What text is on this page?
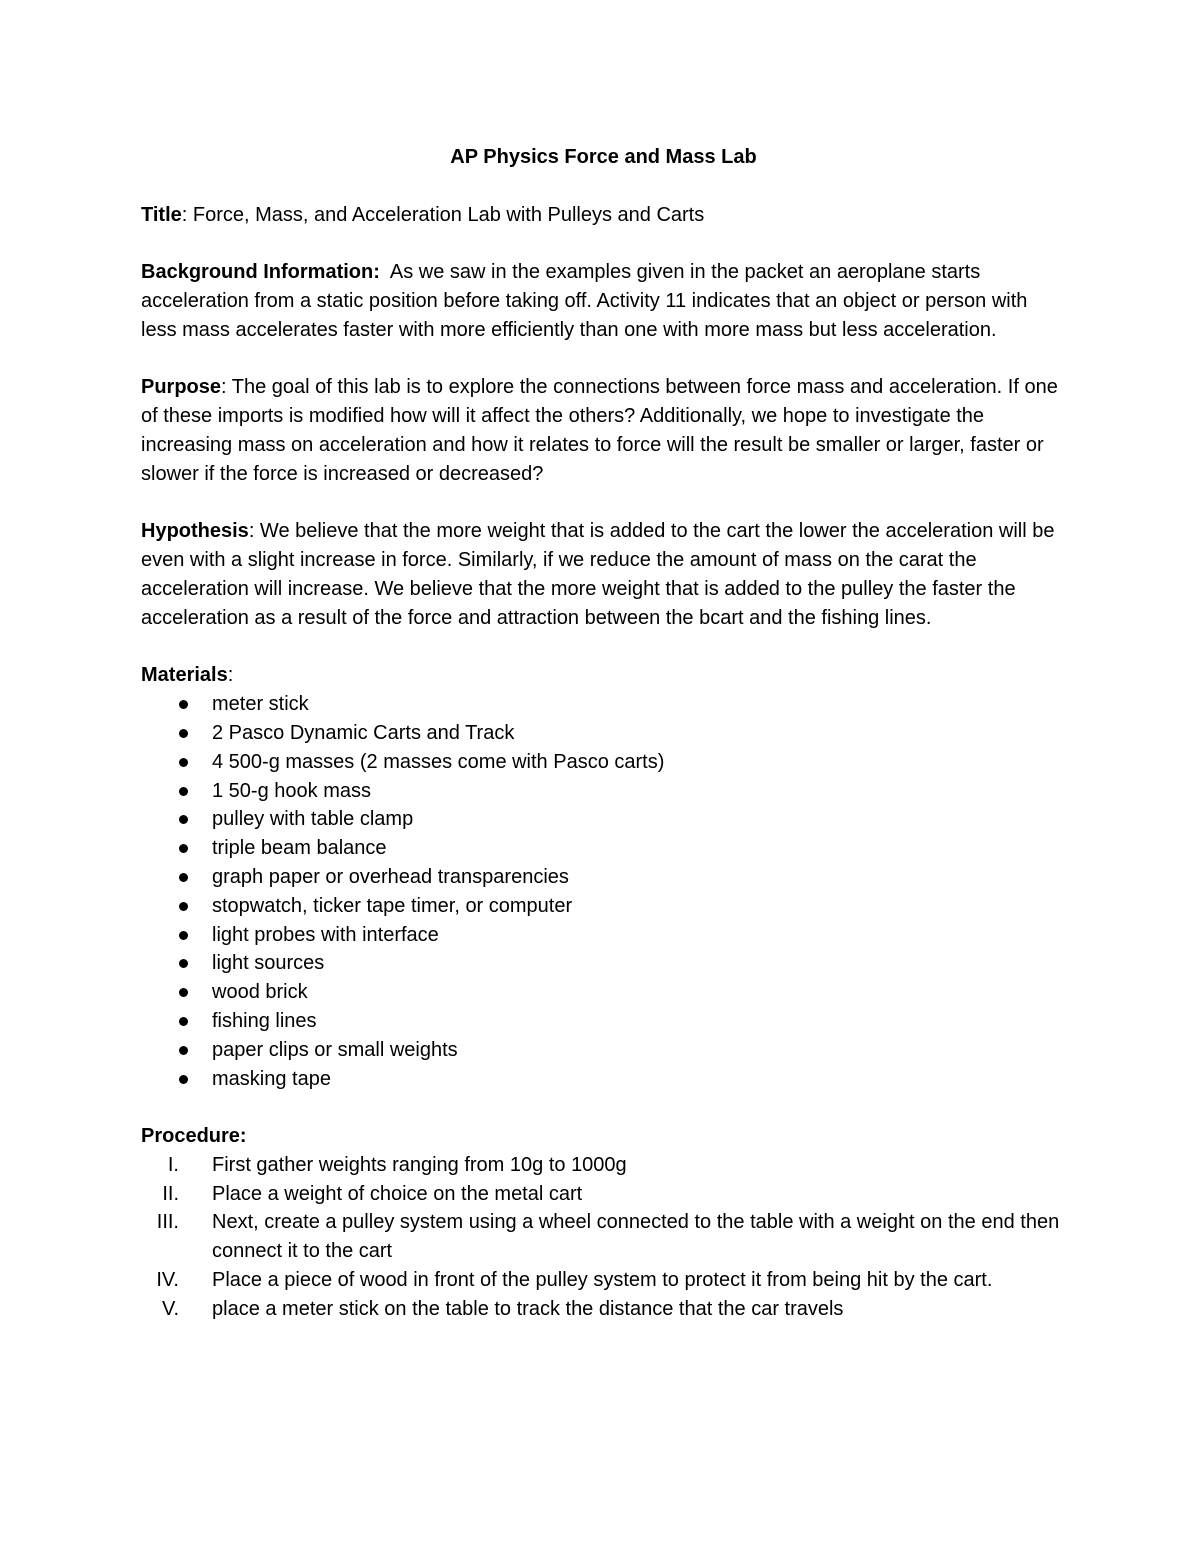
AP Physics Force and Mass Lab

Title: Force, Mass, and Acceleration Lab with Pulleys and Carts

Background Information:  As we saw in the examples given in the packet an aeroplane starts acceleration from a static position before taking off. Activity 11 indicates that an object or person with less mass accelerates faster with more efficiently than one with more mass but less acceleration.

Purpose: The goal of this lab is to explore the connections between force mass and acceleration. If one of these imports is modified how will it affect the others? Additionally, we hope to investigate the increasing mass on acceleration and how it relates to force will the result be smaller or larger, faster or slower if the force is increased or decreased?

Hypothesis: We believe that the more weight that is added to the cart the lower the acceleration will be even with a slight increase in force. Similarly, if we reduce the amount of mass on the carat the acceleration will increase. We believe that the more weight that is added to the pulley the faster the acceleration as a result of the force and attraction between the bcart and the fishing lines.

Materials:
meter stick
2 Pasco Dynamic Carts and Track
4 500-g masses (2 masses come with Pasco carts)
1 50-g hook mass
pulley with table clamp
triple beam balance
graph paper or overhead transparencies
stopwatch, ticker tape timer, or computer
light probes with interface
light sources
wood brick
fishing lines
paper clips or small weights
masking tape
Procedure:
I. First gather weights ranging from 10g to 1000g
II. Place a weight of choice on the metal cart
III. Next, create a pulley system using a wheel connected to the table with a weight on the end then connect it to the cart
IV. Place a piece of wood in front of the pulley system to protect it from being hit by the cart.
V. place a meter stick on the table to track the distance that the car travels
